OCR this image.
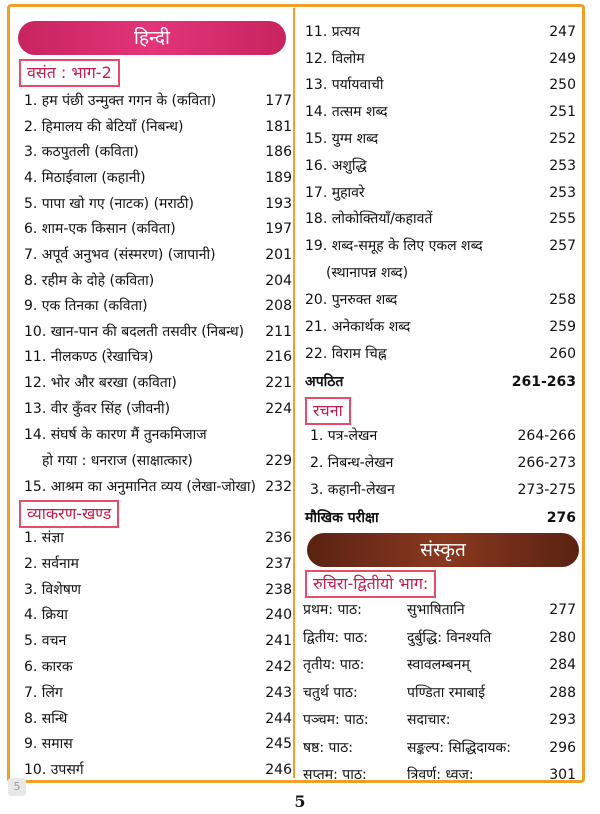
हिन्दी
वसंत : भाग-2
1. हम पंछी उन्मुक्त गगन के (कविता)	177
2. हिमालय की बेटियाँ (निबन्ध)	181
3. कठपुतली (कविता)	186
4. मिठाईवाला (कहानी)	189
5. पापा खो गए (नाटक) (मराठी)	193
6. शाम-एक किसान (कविता)	197
7. अपूर्व अनुभव (संस्मरण) (जापानी)	201
8. रहीम के दोहे (कविता)	204
9. एक तिनका (कविता)	208
10. खान-पान की बदलती तसवीर (निबन्ध)	211
11. नीलकण्ठ (रेखाचित्र)	216
12. भोर और बरखा (कविता)	221
13. वीर कुँवर सिंह (जीवनी)	224
14. संघर्ष के कारण मैं तुनकमिजाज
हो गया : धनराज (साक्षात्कार)	229
15. आश्रम का अनुमानित व्यय (लेखा-जोखा) 232
व्याकरण-खण्ड
1. संज्ञा	236
2. सर्वनाम	237
3. विशेषण	238
4. क्रिया	240
5. वचन	241
6. कारक	242
7. लिंग	243
8. सन्धि	244
9. समास	245
10. उपसर्ग	246
11. प्रत्यय	247
12. विलोम	249
13. पर्यायवाची	250
14. तत्सम शब्द	251
15. युग्म शब्द	252
16. अशुद्धि	253
17. मुहावरे	253
18. लोकोक्तियाँ/कहावतें	255
19. शब्द-समूह के लिए एकल शब्द	257
(स्थानापन्न शब्द)
20. पुनरुक्त शब्द	258
21. अनेकार्थक शब्द	259
22. विराम चिह्न	260
अपठित	261-263
रचना
1. पत्र-लेखन	264-266
2. निबन्ध-लेखन	266-273
3. कहानी-लेखन	273-275
मौखिक परीक्षा	276
संस्कृत
रुचिरा-द्वितीयो भाग:
प्रथम: पाठ:	सुभाषितानि	277
द्वितीय: पाठ:	दुर्बुद्धि: विनश्यति	280
तृतीय: पाठ:	स्वावलम्बनम्	284
चतुर्थ पाठ:	पण्डिता रमाबाई	288
पञ्चम: पाठ:	सदाचार:	293
षष्ठ: पाठ:	सङ्कल्प: सिद्धिदायक:	296
सप्तम: पाठ:	त्रिवर्ण: ध्वज:	301
5
5
